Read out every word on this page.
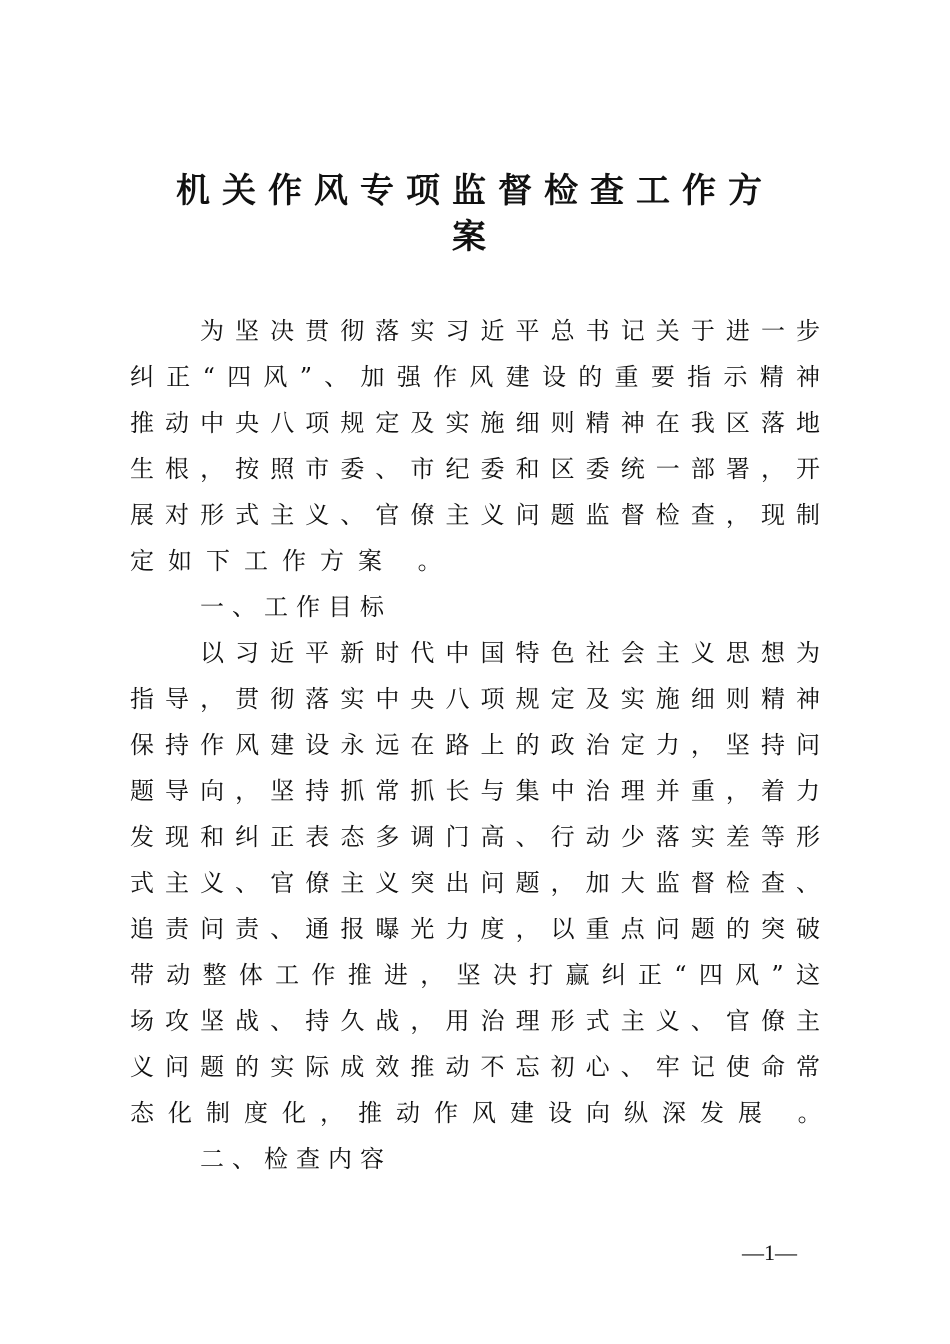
机关作风专项监督检查工作方
案
为坚决贯彻落实习近平总书记关于进一步
纠正“四风”、加强作风建设的重要指示精神
推动中央八项规定及实施细则精神在我区落地
生根，按照市委、市纪委和区委统一部署，开
展对形式主义、官僚主义问题监督检查，现制
定如下工作方案 。
一、工作目标
以习近平新时代中国特色社会主义思想为
指导，贯彻落实中央八项规定及实施细则精神
保持作风建设永远在路上的政治定力，坚持问
题导向，坚持抓常抓长与集中治理并重，着力
发现和纠正表态多调门高、行动少落实差等形
式主义、官僚主义突出问题，加大监督检查、
追责问责、通报曝光力度，以重点问题的突破
带动整体工作推进，坚决打赢纠正“四风”这
场攻坚战、持久战，用治理形式主义、官僚主
义问题的实际成效推动不忘初心、牢记使命常
态化制度化，推动作风建设向纵深发展 。
二、检查内容
—1—
